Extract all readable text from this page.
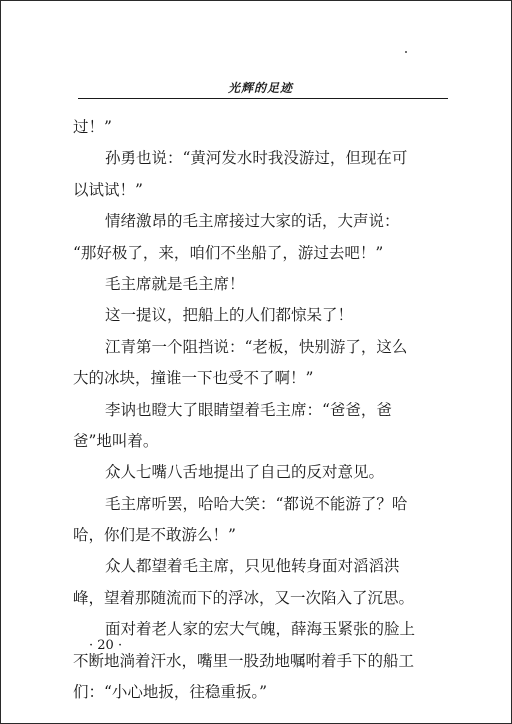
光辉的足迹
过！”
孙勇也说：“黄河发水时我没游过，但现在可
以试试！”
情绪激昂的毛主席接过大家的话，大声说：
“那好极了，来，咱们不坐船了，游过去吧！”
毛主席就是毛主席！
这一提议，把船上的人们都惊呆了！
江青第一个阻挡说：“老板，快别游了，这么
大的冰块，撞谁一下也受不了啊！”
李讷也瞪大了眼睛望着毛主席：“爸爸，爸
爸”地叫着。
众人七嘴八舌地提出了自己的反对意见。
毛主席听罢，哈哈大笑：“都说不能游了？哈
哈，你们是不敢游么！”
众人都望着毛主席，只见他转身面对滔滔洪
峰，望着那随流而下的浮冰，又一次陷入了沉思。
面对着老人家的宏大气魄，薛海玉紧张的脸上
不断地淌着汗水，嘴里一股劲地嘱咐着手下的船工
们：“小心地扳，往稳重扳。”
· 20 ·
